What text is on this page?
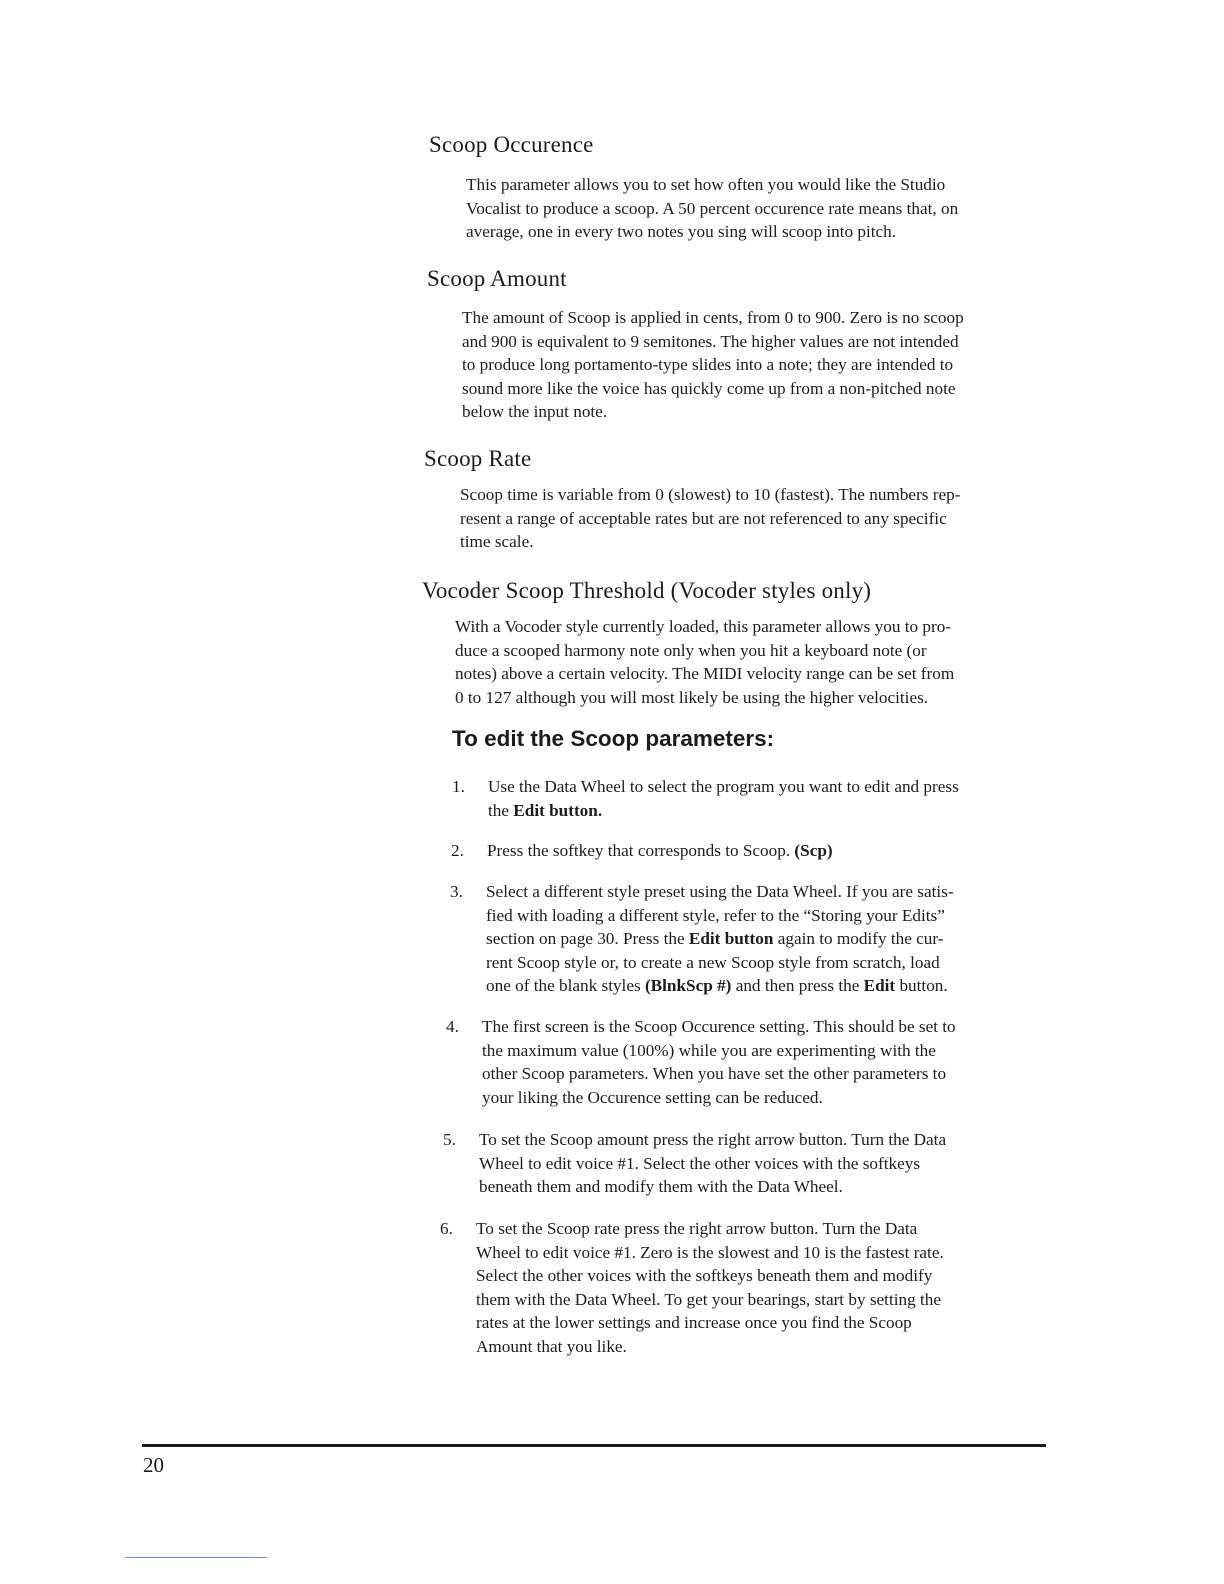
Scoop Occurence

This parameter allows you to set how often you would like the Studio

Vocalist to produce a scoop. A 50 percent occurence rate means that, on

average, one in every two notes you sing will scoop into pitch.

Scoop Amount

The amount of Scoop is applied in cents, from 0 to 900. Zero is no scoop

and 900 is equivalent to 9 semitones. The higher values are not intended

to produce long portamento-type slides into a note; they are intended to

sound more like the voice has quickly come up from a non-pitched note

below the input note.

Scoop Rate

Scoop time is variable from 0 (slowest) to 10 (fastest). The numbers rep-

resent a range of acceptable rates but are not referenced to any specific

time scale.

Vocoder Scoop Threshold (Vocoder styles only)

With a Vocoder style currently loaded, this parameter allows you to pro-

duce a scooped harmony note only when you hit a keyboard note (or

notes) above a certain velocity. The MIDI velocity range can be set from

0 to 127 although you will most likely be using the higher velocities.

To edit the Scoop parameters:
1. Use the Data Wheel to select the program you want to edit and press
the Edit button.
2. Press the softkey that corresponds to Scoop. (Scp)
3. Select a different style preset using the Data Wheel. If you are satis-
fied with loading a different style, refer to the “Storing your Edits”
section on page 30. Press the Edit button again to modify the cur-
rent Scoop style or, to create a new Scoop style from scratch, load
one of the blank styles (BlnkScp #) and then press the Edit button.
4. The first screen is the Scoop Occurence setting. This should be set to
the maximum value (100%) while you are experimenting with the
other Scoop parameters. When you have set the other parameters to
your liking the Occurence setting can be reduced.
5. To set the Scoop amount press the right arrow button. Turn the Data
Wheel to edit voice #1. Select the other voices with the softkeys
beneath them and modify them with the Data Wheel.
6. To set the Scoop rate press the right arrow button. Turn the Data
Wheel to edit voice #1. Zero is the slowest and 10 is the fastest rate.
Select the other voices with the softkeys beneath them and modify
them with the Data Wheel. To get your bearings, start by setting the
rates at the lower settings and increase once you find the Scoop
Amount that you like.
20
